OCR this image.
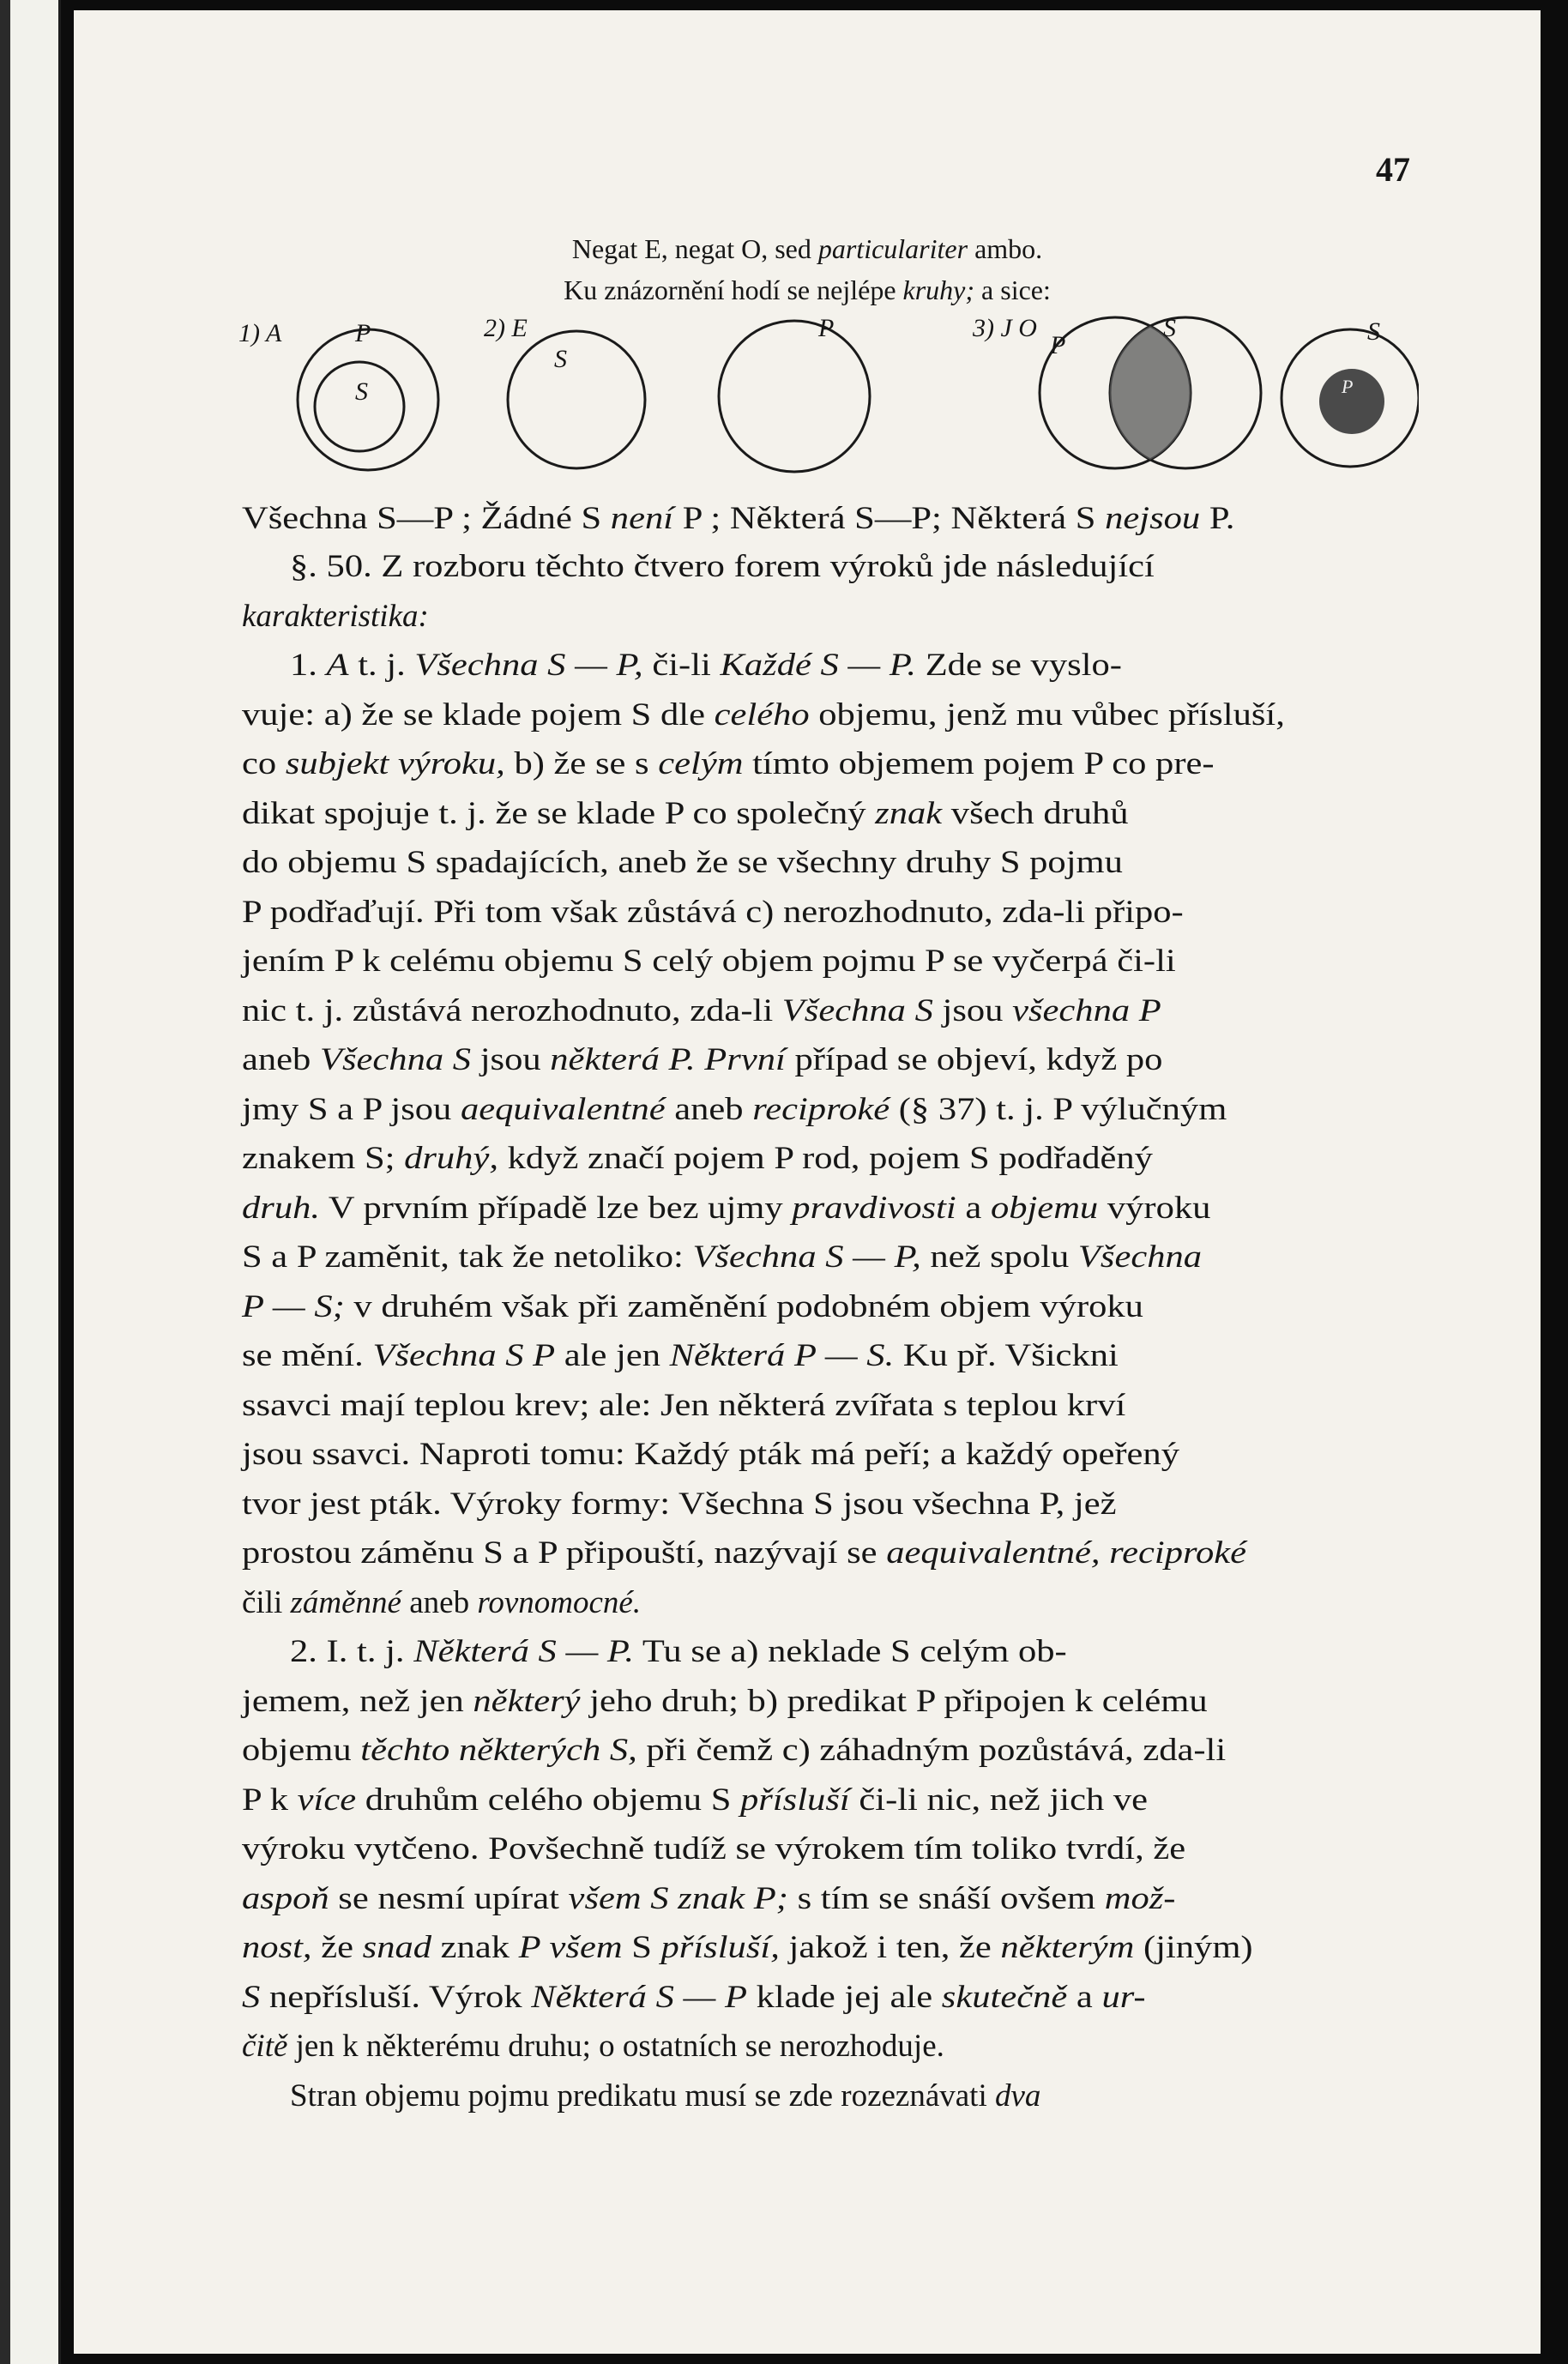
47
Negat E, negat O, sed particulariter ambo.
Ku znázornění hodí se nejlépe kruhy; a sice:
1) A	P
S
2) E
S
P	3) J O
P
S	S
P
Všechna S—P ; Žádné S není P ; Některá S—P; Některá S nejsou P.
§. 50. Z rozboru těchto čtvero forem výroků jde následující
karakteristika:
1. A t. j. Všechna S — P, či-li Každé S — P. Zde se vyslo-
vuje: a) že se klade pojem S dle celého objemu, jenž mu vůbec přísluší,
co subjekt výroku, b) že se s celým tímto objemem pojem P co pre-
dikat spojuje t. j. že se klade P co společný znak všech druhů
do objemu S spadajících, aneb že se všechny druhy S pojmu
P podřaďují. Při tom však zůstává c) nerozhodnuto, zda-li připo-
jením P k celému objemu S celý objem pojmu P se vyčerpá či-li
nic t. j. zůstává nerozhodnuto, zda-li Všechna S jsou všechna P
aneb Všechna S jsou některá P. První případ se objeví, když po
jmy S a P jsou aequivalentné aneb reciproké (§ 37) t. j. P výlučným
znakem S; druhý, když značí pojem P rod, pojem S podřaděný
druh. V prvním případě lze bez ujmy pravdivosti a objemu výroku
S a P zaměnit, tak že netoliko: Všechna S — P, než spolu Všechna
P — S; v druhém však při zaměnění podobném objem výroku
se mění. Všechna S P ale jen Některá P — S. Ku př. Všickni
ssavci mají teplou krev; ale: Jen některá zvířata s teplou krví
jsou ssavci. Naproti tomu: Každý pták má peří; a každý opeřený
tvor jest pták. Výroky formy: Všechna S jsou všechna P, jež
prostou záměnu S a P připouští, nazývají se aequivalentné, reciproké
čili záměnné aneb rovnomocné.
2. I. t. j. Některá S — P. Tu se a) neklade S celým ob-
jemem, než jen některý jeho druh; b) predikat P připojen k celému
objemu těchto některých S, při čemž c) záhadným pozůstává, zda-li
P k více druhům celého objemu S přísluší či-li nic, než jich ve
výroku vytčeno. Povšechně tudíž se výrokem tím toliko tvrdí, že
aspoň se nesmí upírat všem S znak P; s tím se snáší ovšem mož-
nost, že snad znak P všem S přísluší, jakož i ten, že některým (jiným)
S nepřísluší. Výrok Některá S — P klade jej ale skutečně a ur-
čitě jen k některému druhu; o ostatních se nerozhoduje.
Stran objemu pojmu predikatu musí se zde rozeznávati dva
